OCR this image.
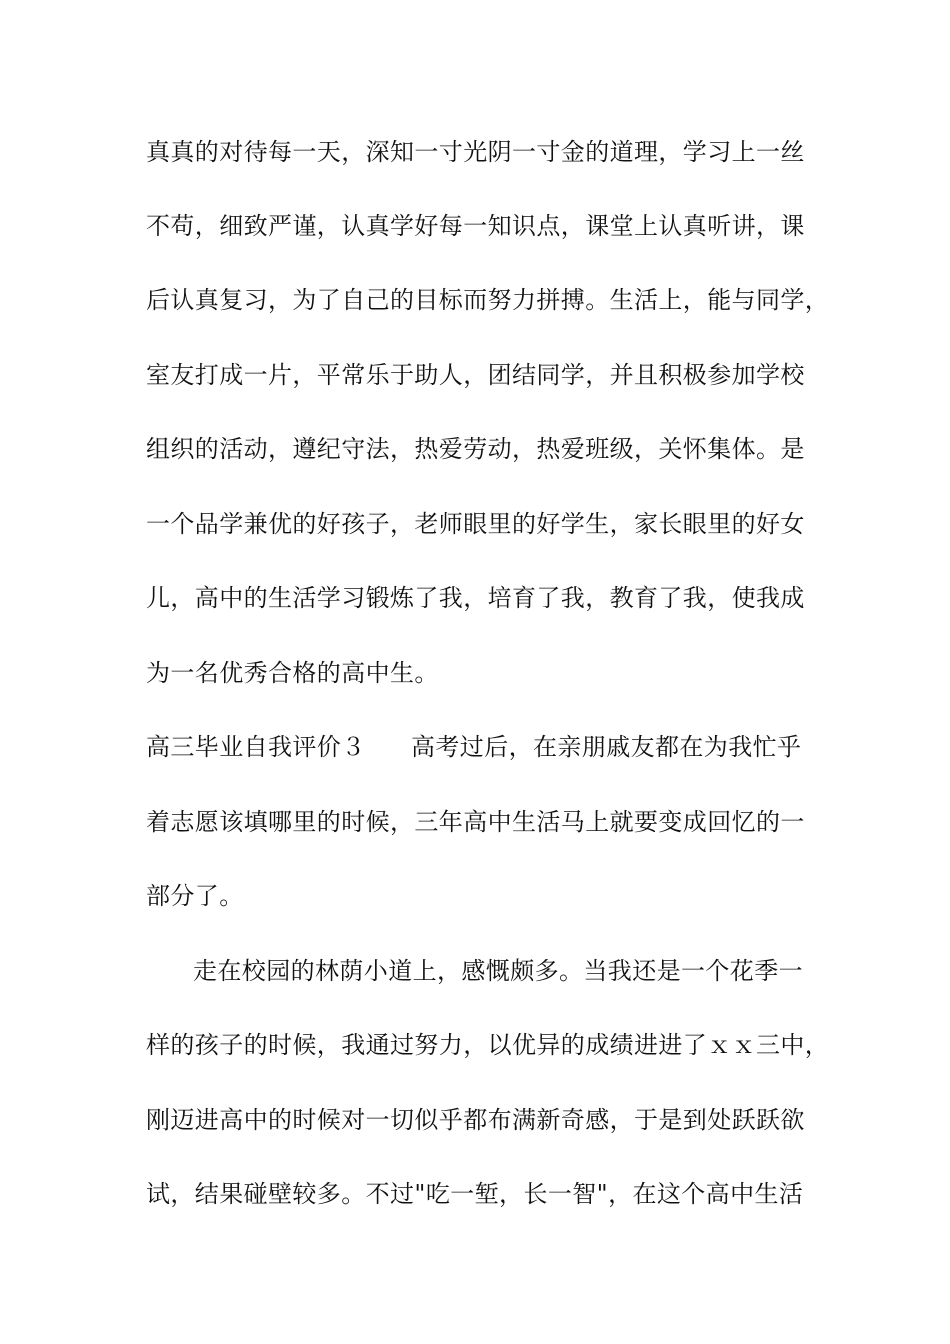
真真的对待每一天，深知一寸光阴一寸金的道理，学习上一丝
不苟，细致严谨，认真学好每一知识点，课堂上认真听讲，课
后认真复习，为了自己的目标而努力拼搏。生活上，能与同学，
室友打成一片，平常乐于助人，团结同学，并且积极参加学校
组织的活动，遵纪守法，热爱劳动，热爱班级，关怀集体。是
一个品学兼优的好孩子，老师眼里的好学生，家长眼里的好女
儿，高中的生活学习锻炼了我，培育了我，教育了我，使我成
为一名优秀合格的高中生。
高三毕业自我评价３ 高考过后，在亲朋戚友都在为我忙乎
着志愿该填哪里的时候，三年高中生活马上就要变成回忆的一
部分了。
走在校园的林荫小道上，感慨颇多。当我还是一个花季一
样的孩子的时候，我通过努力，以优异的成绩进进了ｘｘ三中，
刚迈进高中的时候对一切似乎都布满新奇感，于是到处跃跃欲
试，结果碰壁较多。不过"吃一堑，长一智"，在这个高中生活
